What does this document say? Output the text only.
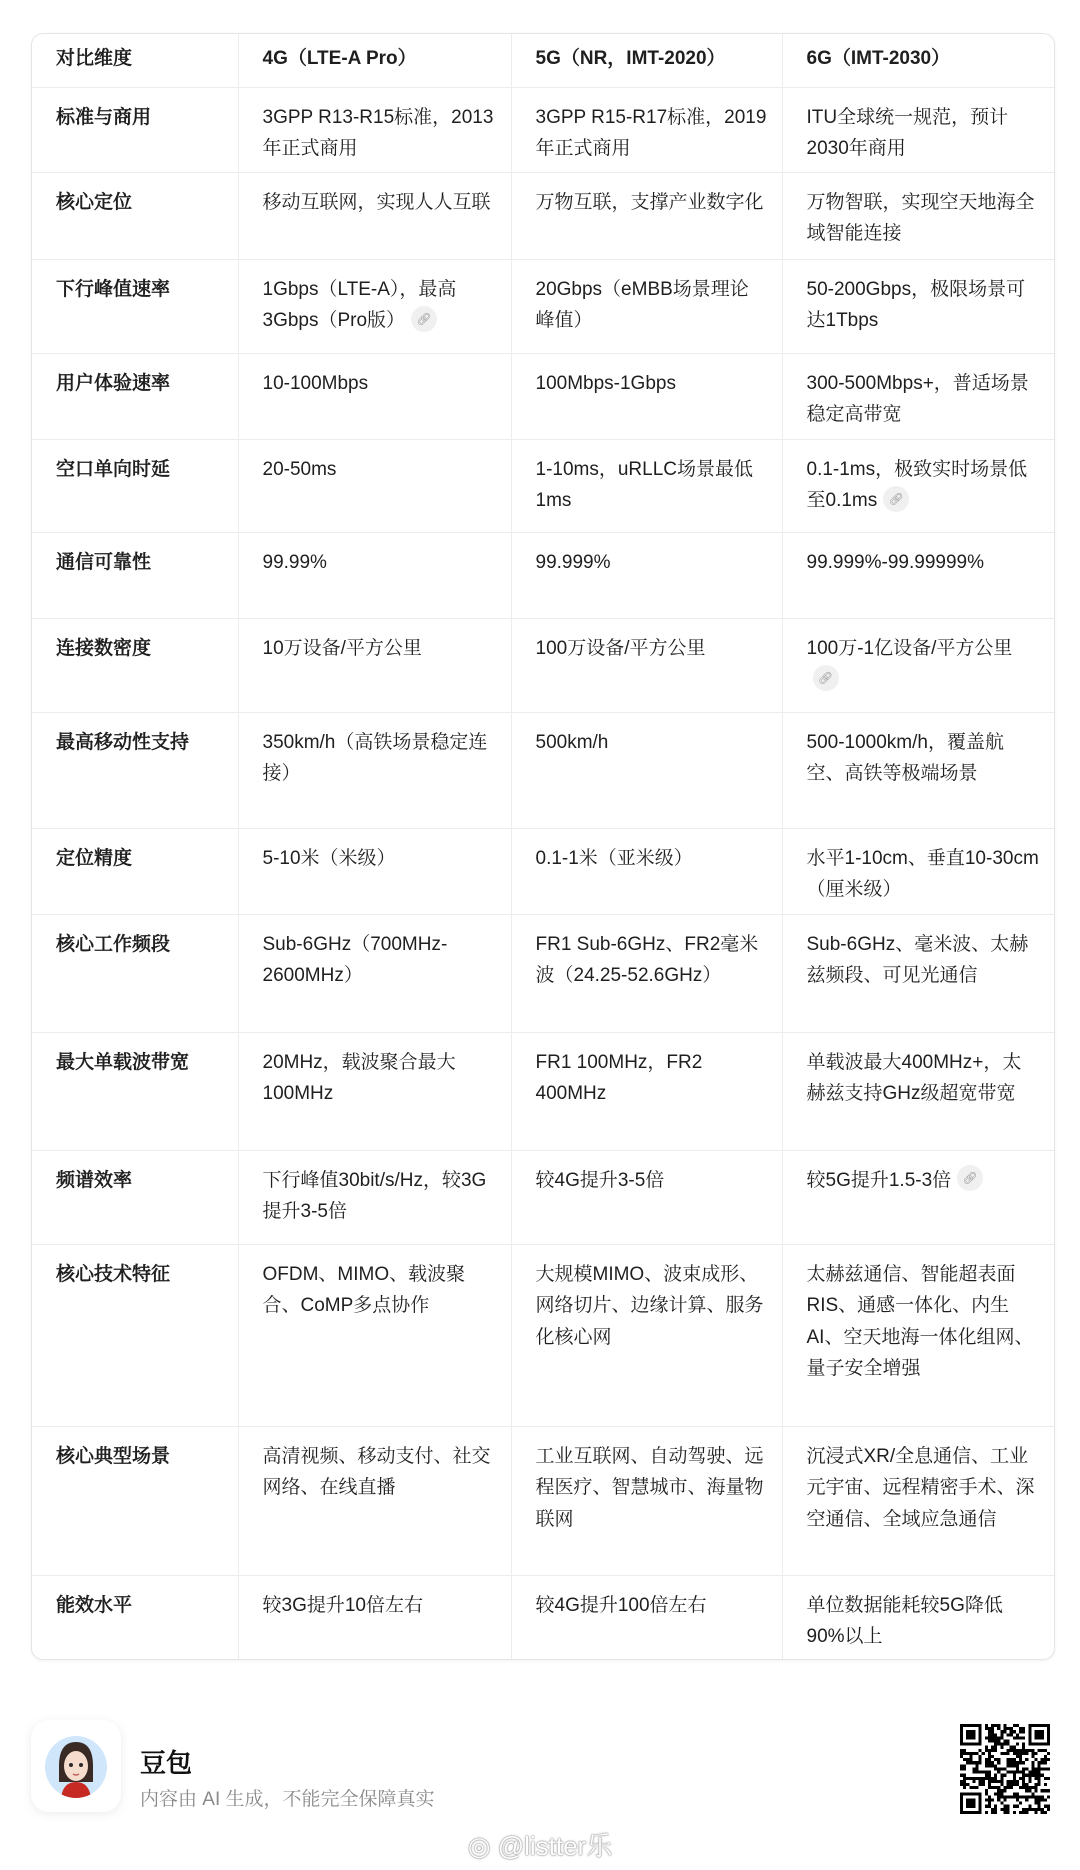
对比维度	4G（LTE-A Pro）	5G（NR，IMT-2020）	6G（IMT-2030）
标准与商用	3GPP R13-R15标准，2013年正式商用	3GPP R15-R17标准，2019年正式商用	ITU全球统一规范，预计2030年商用
核心定位	移动互联网，实现人人互联	万物互联，支撑产业数字化	万物智联，实现空天地海全域智能连接
下行峰值速率	1Gbps（LTE-A），最高3Gbps（Pro版） 🔗︎	20Gbps（eMBB场景理论峰值）	50-200Gbps，极限场景可达1Tbps
用户体验速率	10-100Mbps	100Mbps-1Gbps	300-500Mbps+，普适场景稳定高带宽
空口单向时延	20-50ms	1-10ms，uRLLC场景最低1ms	0.1-1ms，极致实时场景低至0.1ms 🔗︎
通信可靠性	99.99%	99.999%	99.999%-99.99999%
连接数密度	10万设备/平方公里	100万设备/平方公里	100万-1亿设备/平方公里🔗︎
最高移动性支持	350km/h（高铁场景稳定连接）	500km/h	500-1000km/h，覆盖航空、高铁等极端场景
定位精度	5-10米（米级）	0.1-1米（亚米级）	水平1-10cm、垂直10-30cm（厘米级）
核心工作频段	Sub-6GHz（700MHz-2600MHz）	FR1 Sub-6GHz、FR2毫米波（24.25-52.6GHz）	Sub-6GHz、毫米波、太赫兹频段、可见光通信
最大单载波带宽	20MHz，载波聚合最大100MHz	FR1 100MHz，FR2 400MHz	单载波最大400MHz+，太赫兹支持GHz级超宽带宽
频谱效率	下行峰值30bit/s/Hz，较3G提升3-5倍	较4G提升3-5倍	较5G提升1.5-3倍 🔗︎
核心技术特征	OFDM、MIMO、载波聚合、CoMP多点协作	大规模MIMO、波束成形、网络切片、边缘计算、服务化核心网	太赫兹通信、智能超表面RIS、通感一体化、内生AI、空天地海一体化组网、量子安全增强
核心典型场景	高清视频、移动支付、社交网络、在线直播	工业互联网、自动驾驶、远程医疗、智慧城市、海量物联网	沉浸式XR/全息通信、工业元宇宙、远程精密手术、深空通信、全域应急通信
能效水平	较3G提升10倍左右	较4G提升100倍左右	单位数据能耗较5G降低90%以上
豆包
内容由 AI 生成，不能完全保障真实
◎ @listter乐
